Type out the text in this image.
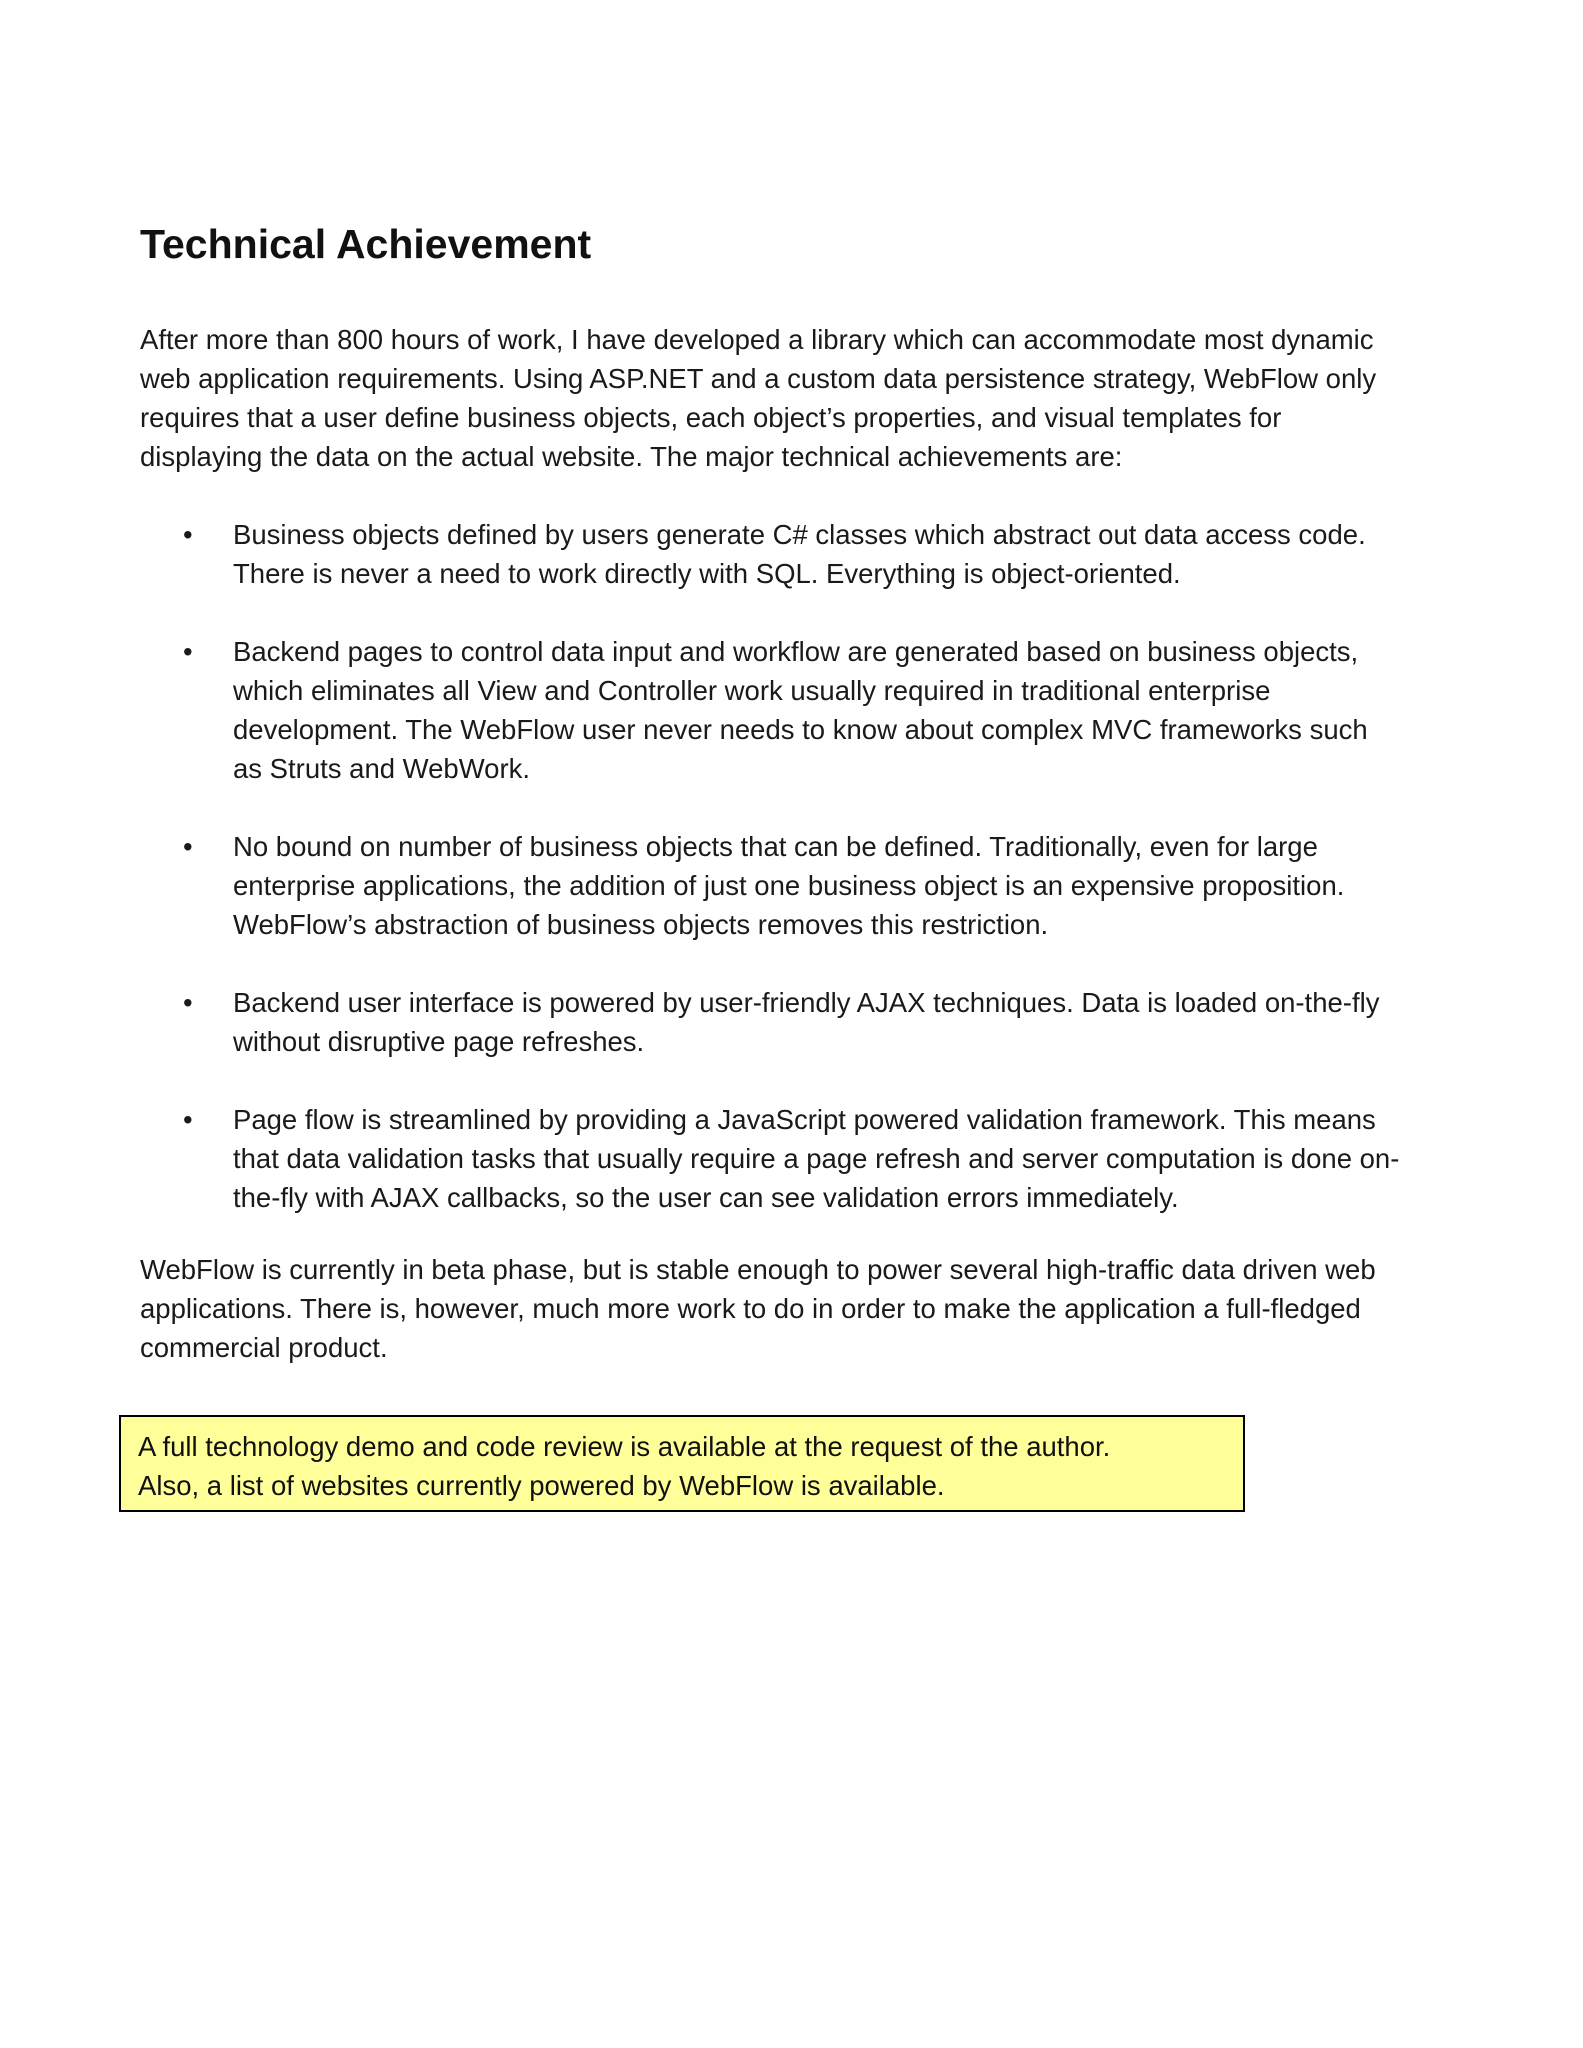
Technical Achievement

After more than 800 hours of work, I have developed a library which can accommodate most dynamic
web application requirements. Using ASP.NET and a custom data persistence strategy, WebFlow only
requires that a user define business objects, each object’s properties, and visual templates for
displaying the data on the actual website. The major technical achievements are:

• Business objects defined by users generate C# classes which abstract out data access code.
There is never a need to work directly with SQL. Everything is object-oriented.
• Backend pages to control data input and workflow are generated based on business objects,
which eliminates all View and Controller work usually required in traditional enterprise
development. The WebFlow user never needs to know about complex MVC frameworks such
as Struts and WebWork.
• No bound on number of business objects that can be defined. Traditionally, even for large
enterprise applications, the addition of just one business object is an expensive proposition.
WebFlow’s abstraction of business objects removes this restriction.
• Backend user interface is powered by user-friendly AJAX techniques. Data is loaded on-the-fly
without disruptive page refreshes.
• Page flow is streamlined by providing a JavaScript powered validation framework. This means
that data validation tasks that usually require a page refresh and server computation is done on-
the-fly with AJAX callbacks, so the user can see validation errors immediately.

WebFlow is currently in beta phase, but is stable enough to power several high-traffic data driven web
applications. There is, however, much more work to do in order to make the application a full-fledged
commercial product.

A full technology demo and code review is available at the request of the author.
Also, a list of websites currently powered by WebFlow is available.
